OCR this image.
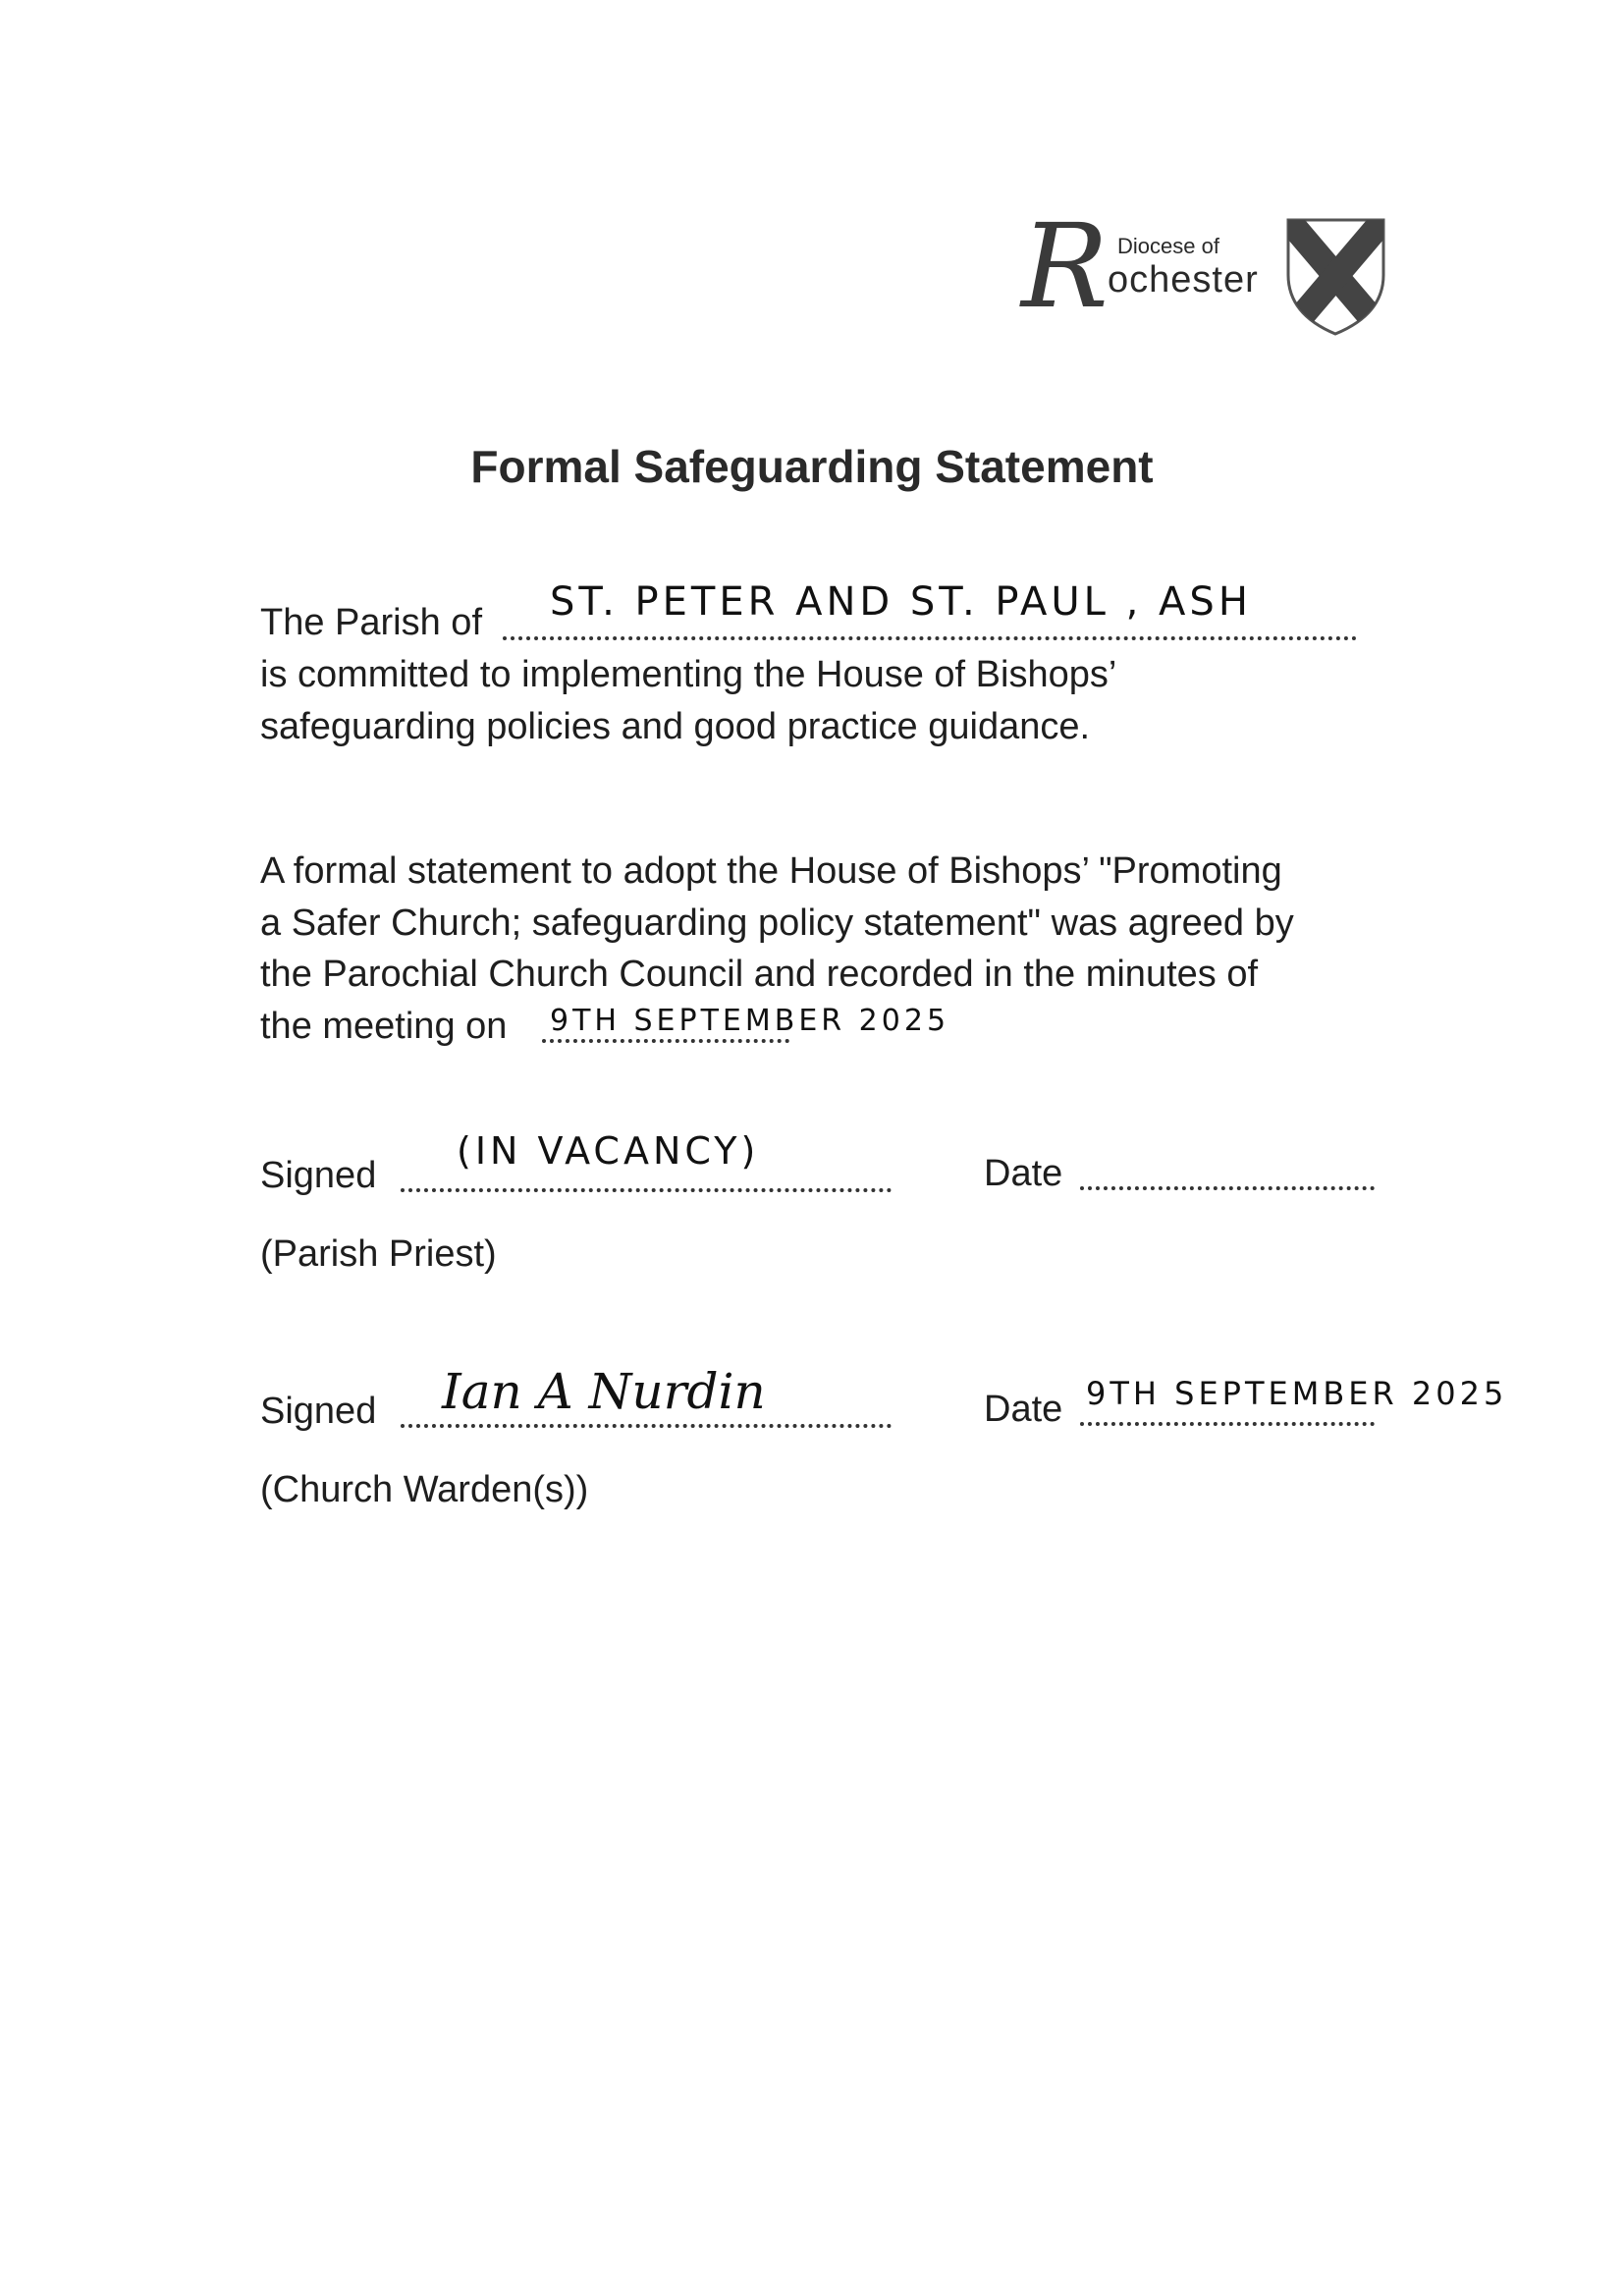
R Diocese of
ochester
Formal Safeguarding Statement
The Parish of ST. PETER AND ST. PAUL , ASH
is committed to implementing the House of Bishops’
safeguarding policies and good practice guidance.
A formal statement to adopt the House of Bishops’ "Promoting
a Safer Church; safeguarding policy statement" was agreed by
the Parochial Church Council and recorded in the minutes of
the meeting on 9TH SEPTEMBER 2025
Signed
(IN VACANCY)
Date
(Parish Priest)
Signed Ian A Nurdin	Date 9TH SEPTEMBER 2025
(Church Warden(s))
